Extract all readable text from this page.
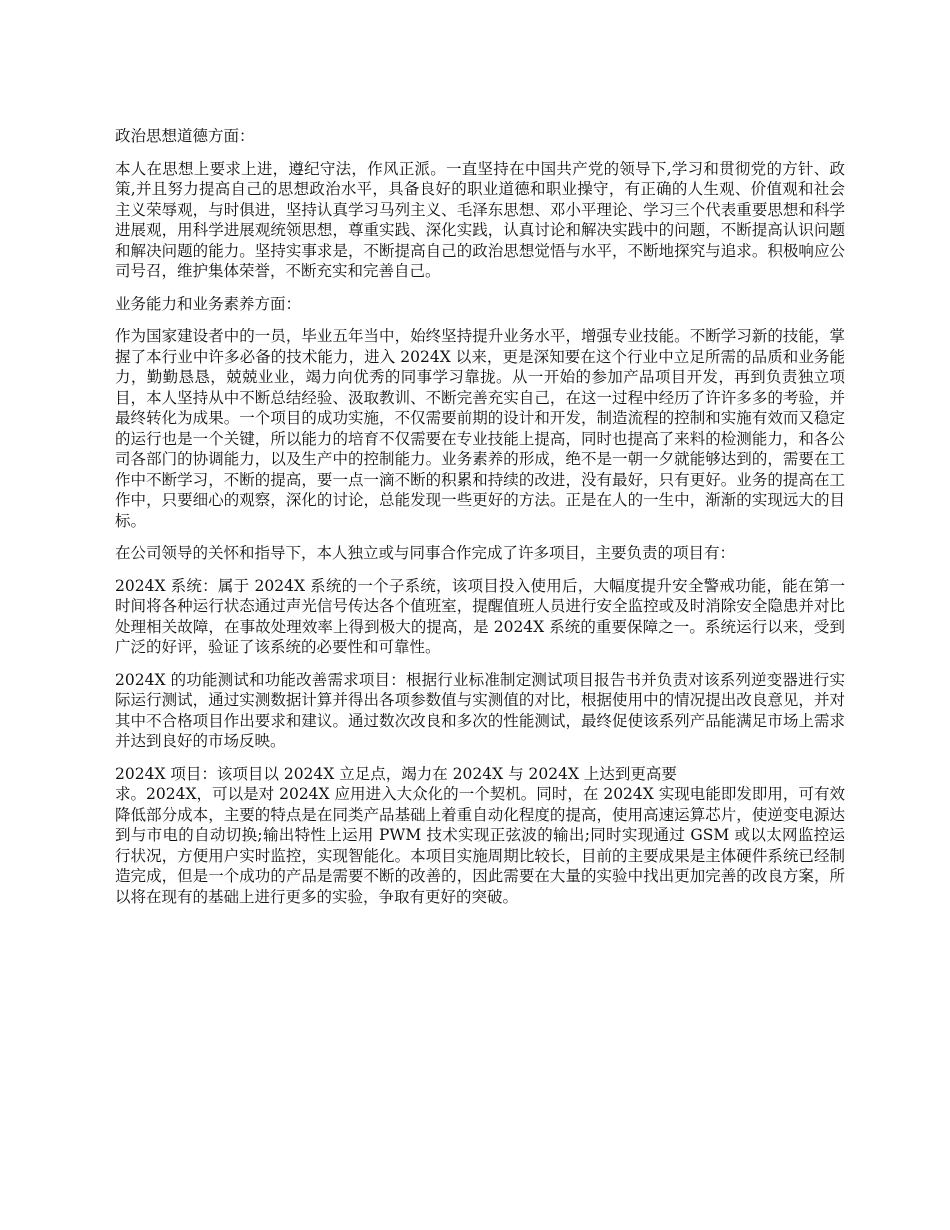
政治思想道德方面：

本人在思想上要求上进，遵纪守法，作风正派。一直坚持在中国共产党的领导下,学习和贯彻党的方针、政策,并且努力提高自己的思想政治水平，具备良好的职业道德和职业操守，有正确的人生观、价值观和社会主义荣辱观，与时俱进，坚持认真学习马列主义、毛泽东思想、邓小平理论、学习三个代表重要思想和科学进展观，用科学进展观统领思想，尊重实践、深化实践，认真讨论和解决实践中的问题，不断提高认识问题和解决问题的能力。坚持实事求是，不断提高自己的政治思想觉悟与水平，不断地探究与追求。积极响应公司号召，维护集体荣誉，不断充实和完善自己。

业务能力和业务素养方面：

作为国家建设者中的一员，毕业五年当中，始终坚持提升业务水平，增强专业技能。不断学习新的技能，掌握了本行业中许多必备的技术能力，进入 2024X 以来，更是深知要在这个行业中立足所需的品质和业务能力，勤勤恳恳，兢兢业业，竭力向优秀的同事学习靠拢。从一开始的参加产品项目开发，再到负责独立项目，本人坚持从中不断总结经验、汲取教训、不断完善充实自己，在这一过程中经历了许许多多的考验，并最终转化为成果。一个项目的成功实施，不仅需要前期的设计和开发，制造流程的控制和实施有效而又稳定的运行也是一个关键，所以能力的培育不仅需要在专业技能上提高，同时也提高了来料的检测能力，和各公司各部门的协调能力，以及生产中的控制能力。业务素养的形成，绝不是一朝一夕就能够达到的，需要在工作中不断学习，不断的提高，要一点一滴不断的积累和持续的改进，没有最好，只有更好。业务的提高在工作中，只要细心的观察，深化的讨论，总能发现一些更好的方法。正是在人的一生中，渐渐的实现远大的目标。

在公司领导的关怀和指导下，本人独立或与同事合作完成了许多项目，主要负责的项目有：

2024X 系统：属于 2024X 系统的一个子系统，该项目投入使用后，大幅度提升安全警戒功能，能在第一时间将各种运行状态通过声光信号传达各个值班室，提醒值班人员进行安全监控或及时消除安全隐患并对比处理相关故障，在事故处理效率上得到极大的提高，是 2024X 系统的重要保障之一。系统运行以来，受到广泛的好评，验证了该系统的必要性和可靠性。

2024X 的功能测试和功能改善需求项目：根据行业标准制定测试项目报告书并负责对该系列逆变器进行实际运行测试，通过实测数据计算并得出各项参数值与实测值的对比，根据使用中的情况提出改良意见，并对其中不合格项目作出要求和建议。通过数次改良和多次的性能测试，最终促使该系列产品能满足市场上需求并达到良好的市场反映。

2024X 项目：该项目以 2024X 立足点，竭力在 2024X 与 2024X 上达到更高要
求。2024X，可以是对 2024X 应用进入大众化的一个契机。同时，在 2024X 实现电能即发即用，可有效降低部分成本，主要的特点是在同类产品基础上着重自动化程度的提高，使用高速运算芯片，使逆变电源达到与市电的自动切换;输出特性上运用 PWM 技术实现正弦波的输出;同时实现通过 GSM 或以太网监控运行状况，方便用户实时监控，实现智能化。本项目实施周期比较长，目前的主要成果是主体硬件系统已经制造完成，但是一个成功的产品是需要不断的改善的，因此需要在大量的实验中找出更加完善的改良方案，所以将在现有的基础上进行更多的实验，争取有更好的突破。
